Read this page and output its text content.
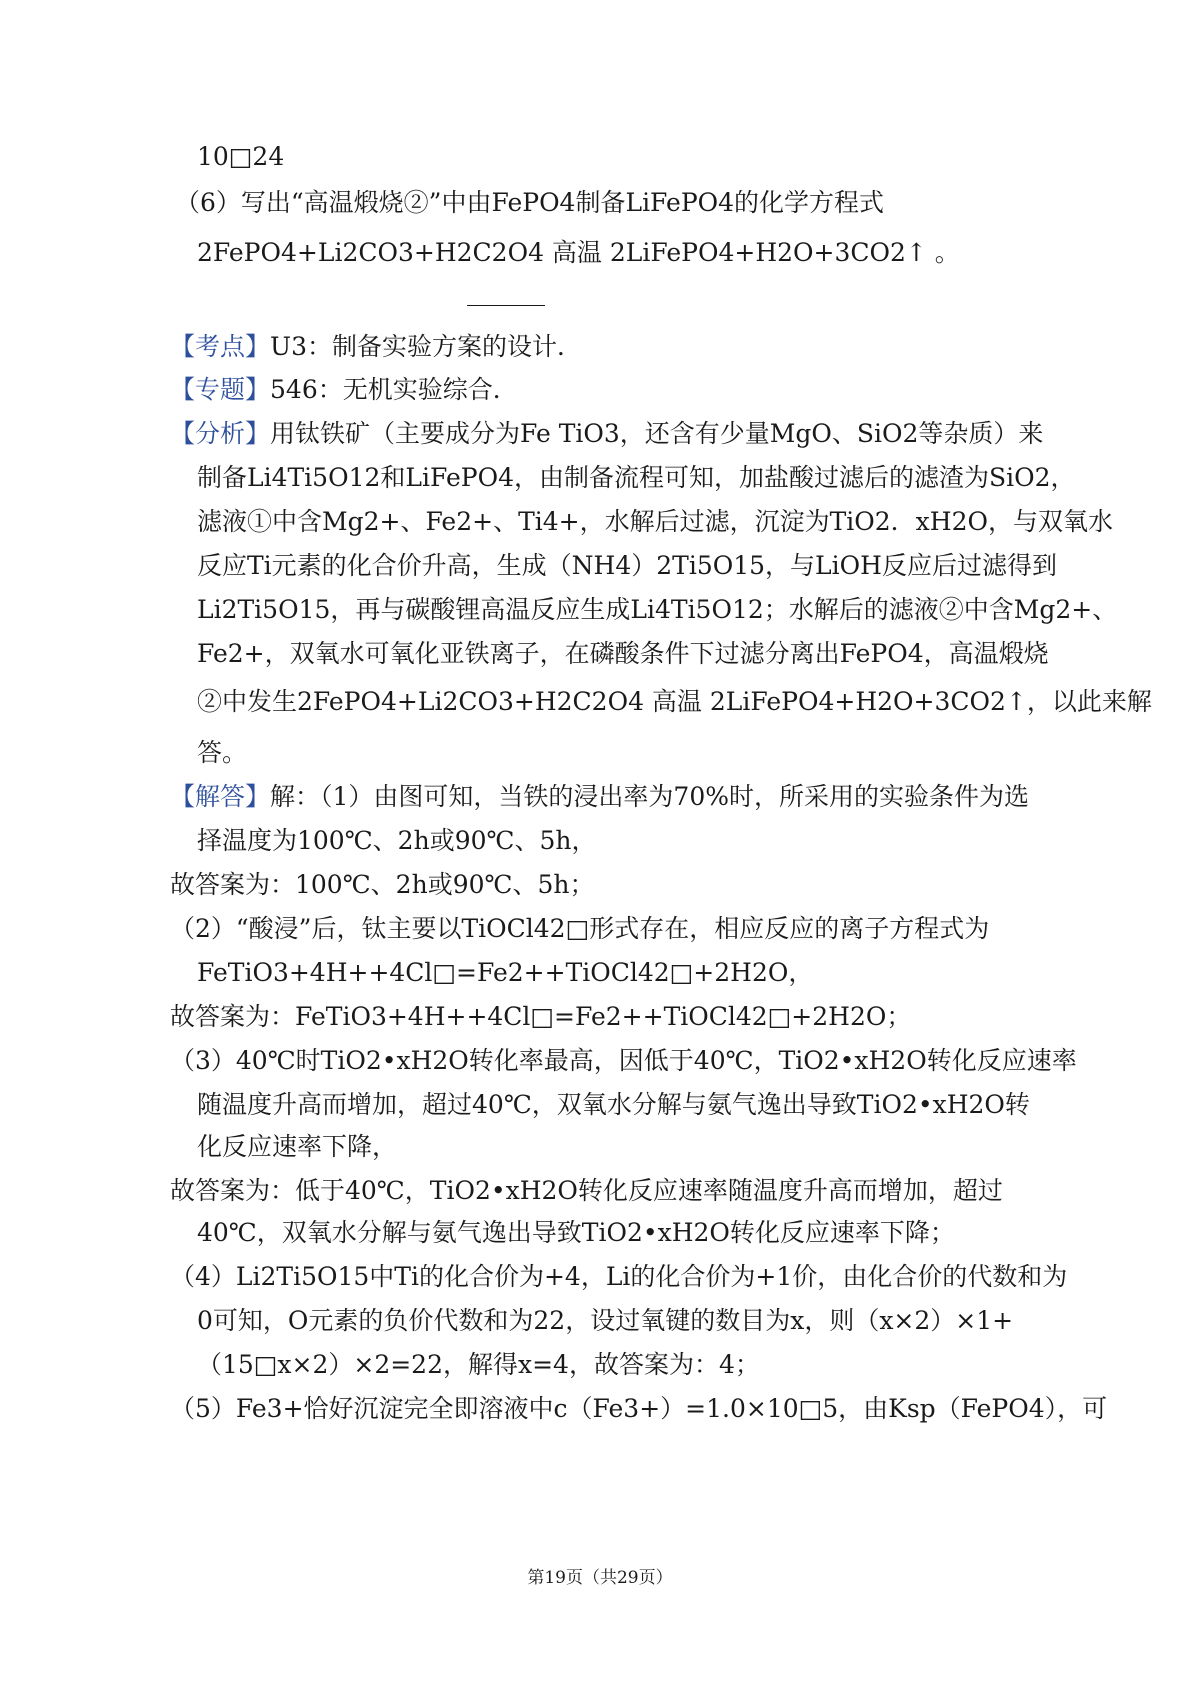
10□24
（6）写出“高温煅烧②”中由FePO4制备LiFePO4的化学方程式
2FePO4+Li2CO3+H2C2O4 高温 2LiFePO4+H2O+3CO2↑ 。
【考点】U3：制备实验方案的设计．
【专题】546：无机实验综合．
【分析】用钛铁矿（主要成分为Fe TiO3，还含有少量MgO、SiO2等杂质）来
制备Li4Ti5O12和LiFePO4，由制备流程可知，加盐酸过滤后的滤渣为SiO2，
滤液①中含Mg2+、Fe2+、Ti4+，水解后过滤，沉淀为TiO2．xH2O，与双氧水
反应Ti元素的化合价升高，生成（NH4）2Ti5O15，与LiOH反应后过滤得到
Li2Ti5O15，再与碳酸锂高温反应生成Li4Ti5O12；水解后的滤液②中含Mg2+、
Fe2+，双氧水可氧化亚铁离子，在磷酸条件下过滤分离出FePO4，高温煅烧
②中发生2FePO4+Li2CO3+H2C2O4 高温 2LiFePO4+H2O+3CO2↑，以此来解
答。
【解答】解：（1）由图可知，当铁的浸出率为70%时，所采用的实验条件为选
择温度为100℃、2h或90℃、5h，
故答案为：100℃、2h或90℃、5h；
（2）“酸浸”后，钛主要以TiOCl42□形式存在，相应反应的离子方程式为
FeTiO3+4H++4Cl□=Fe2++TiOCl42□+2H2O，
故答案为：FeTiO3+4H++4Cl□=Fe2++TiOCl42□+2H2O；
（3）40℃时TiO2•xH2O转化率最高，因低于40℃，TiO2•xH2O转化反应速率
随温度升高而增加，超过40℃，双氧水分解与氨气逸出导致TiO2•xH2O转
化反应速率下降，
故答案为：低于40℃，TiO2•xH2O转化反应速率随温度升高而增加，超过
40℃，双氧水分解与氨气逸出导致TiO2•xH2O转化反应速率下降；
（4）Li2Ti5O15中Ti的化合价为+4，Li的化合价为+1价，由化合价的代数和为
0可知，O元素的负价代数和为22，设过氧键的数目为x，则（x×2）×1+
（15□x×2）×2=22，解得x=4，故答案为：4；
（5）Fe3+恰好沉淀完全即溶液中c（Fe3+）=1.0×10□5，由Ksp（FePO4），可
第19页（共29页）
